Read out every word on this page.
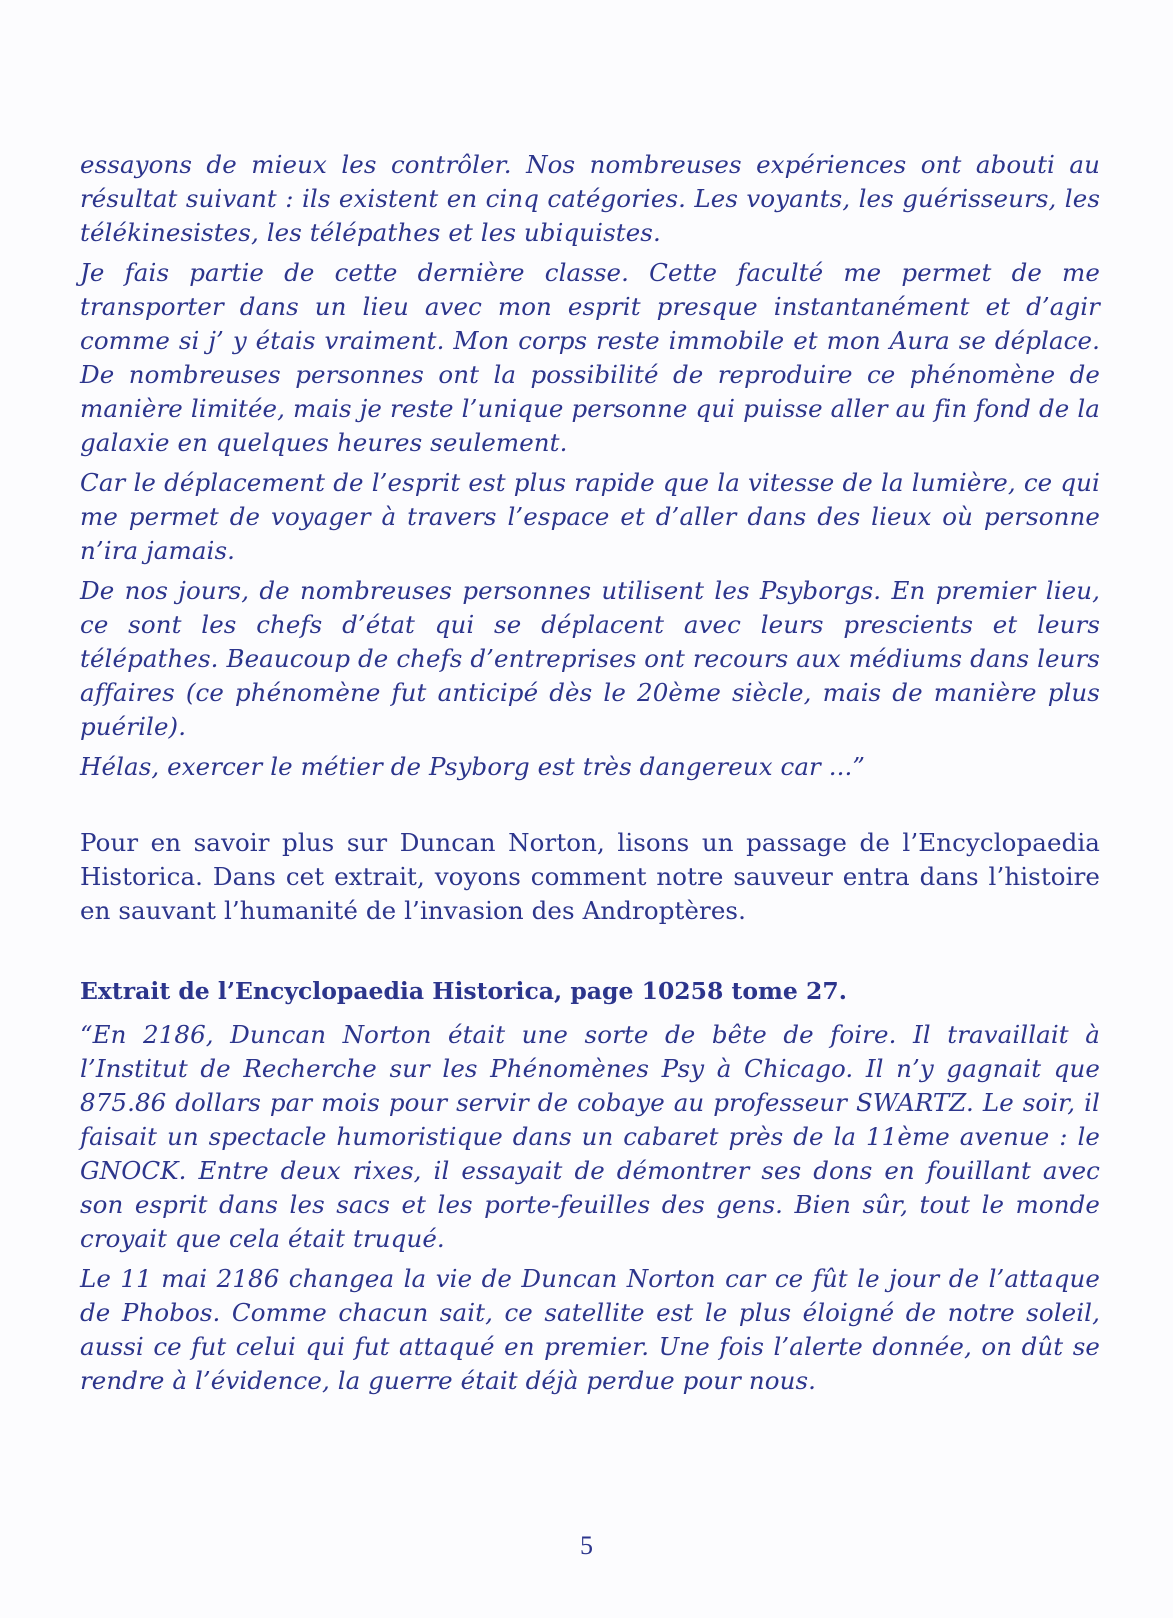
essayons de mieux les contrôler. Nos nombreuses expériences ont abouti au résultat suivant : ils existent en cinq catégories. Les voyants, les guérisseurs, les télékinesistes, les télépathes et les ubiquistes.

Je fais partie de cette dernière classe. Cette faculté me permet de me transporter dans un lieu avec mon esprit presque instantanément et d’agir comme si j’ y étais vraiment. Mon corps reste immobile et mon Aura se déplace. De nombreuses personnes ont la possibilité de reproduire ce phénomène de manière limitée, mais je reste l’unique personne qui puisse aller au fin fond de la galaxie en quelques heures seulement.

Car le déplacement de l’esprit est plus rapide que la vitesse de la lumière, ce qui me permet de voyager à travers l’espace et d’aller dans des lieux où personne n’ira jamais.

De nos jours, de nombreuses personnes utilisent les Psyborgs. En premier lieu, ce sont les chefs d’état qui se déplacent avec leurs prescients et leurs télépathes. Beaucoup de chefs d’entreprises ont recours aux médiums dans leurs affaires (ce phénomène fut anticipé dès le 20ème siècle, mais de manière plus puérile).

Hélas, exercer le métier de Psyborg est très dangereux car ...”

Pour en savoir plus sur Duncan Norton, lisons un passage de l’Encyclopaedia Historica. Dans cet extrait, voyons comment notre sauveur entra dans l’histoire en sauvant l’humanité de l’invasion des Androptères.

Extrait de l’Encyclopaedia Historica, page 10258 tome 27.

“En 2186, Duncan Norton était une sorte de bête de foire. Il travaillait à l’Institut de Recherche sur les Phénomènes Psy à Chicago. Il n’y gagnait que 875.86 dollars par mois pour servir de cobaye au professeur SWARTZ. Le soir, il faisait un spectacle humoristique dans un cabaret près de la 11ème avenue : le GNOCK. Entre deux rixes, il essayait de démontrer ses dons en fouillant avec son esprit dans les sacs et les porte-feuilles des gens. Bien sûr, tout le monde croyait que cela était truqué.

Le 11 mai 2186 changea la vie de Duncan Norton car ce fût le jour de l’attaque de Phobos. Comme chacun sait, ce satellite est le plus éloigné de notre soleil, aussi ce fut celui qui fut attaqué en premier. Une fois l’alerte donnée, on dût se rendre à l’évidence, la guerre était déjà perdue pour nous.

5
